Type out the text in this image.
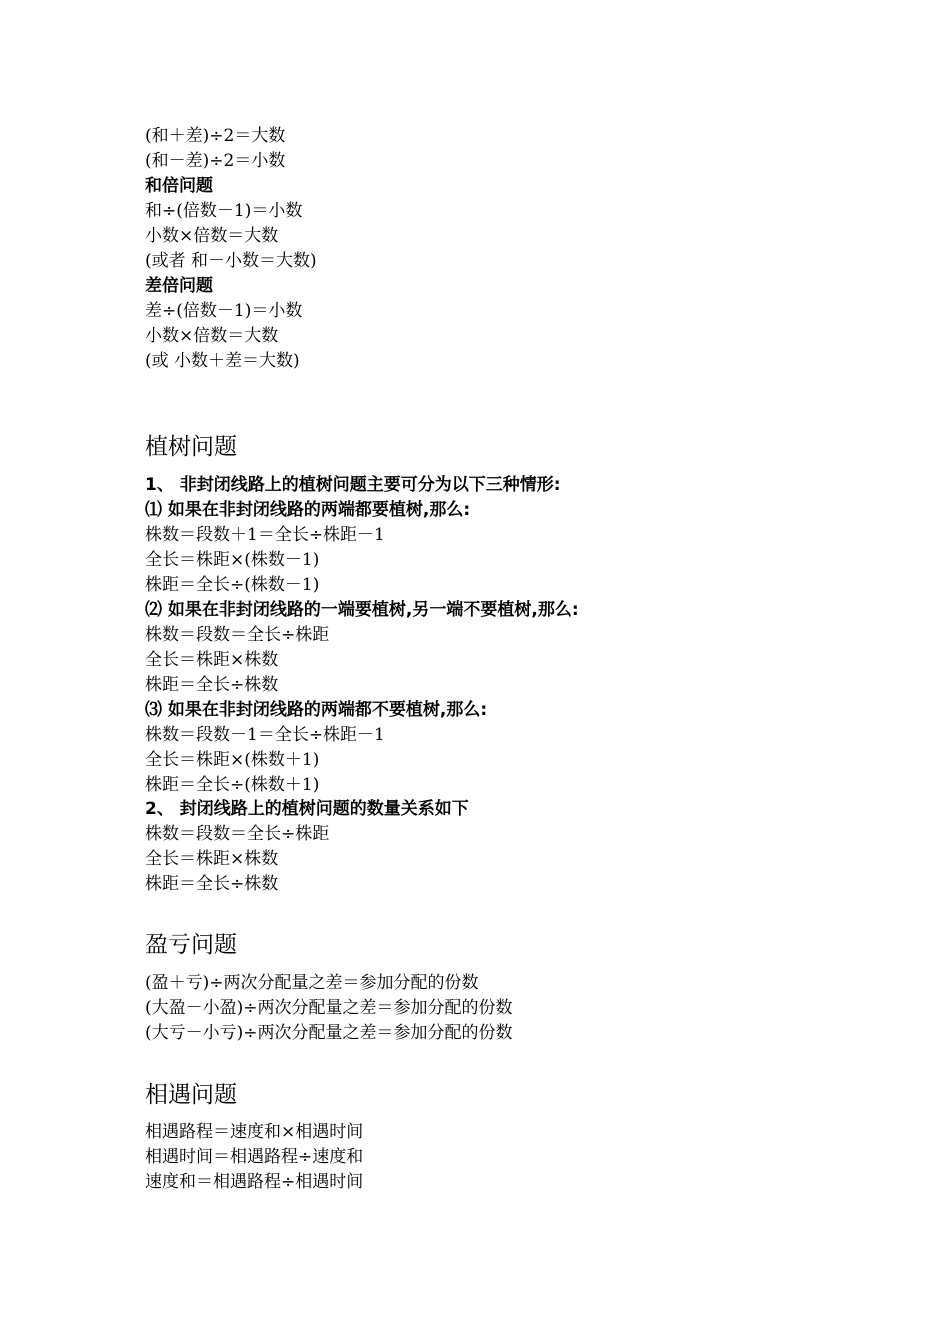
(和＋差)÷2＝大数
(和－差)÷2＝小数
和倍问题
和÷(倍数－1)＝小数
小数×倍数＝大数
(或者 和－小数＝大数)
差倍问题
差÷(倍数－1)＝小数
小数×倍数＝大数
(或 小数＋差＝大数)
植树问题
1、 非封闭线路上的植树问题主要可分为以下三种情形:
⑴ 如果在非封闭线路的两端都要植树,那么:
株数＝段数＋1＝全长÷株距－1
全长＝株距×(株数－1)
株距＝全长÷(株数－1)
⑵ 如果在非封闭线路的一端要植树,另一端不要植树,那么:
株数＝段数＝全长÷株距
全长＝株距×株数
株距＝全长÷株数
⑶ 如果在非封闭线路的两端都不要植树,那么:
株数＝段数－1＝全长÷株距－1
全长＝株距×(株数＋1)
株距＝全长÷(株数＋1)
2、 封闭线路上的植树问题的数量关系如下
株数＝段数＝全长÷株距
全长＝株距×株数
株距＝全长÷株数
盈亏问题
(盈＋亏)÷两次分配量之差＝参加分配的份数
(大盈－小盈)÷两次分配量之差＝参加分配的份数
(大亏－小亏)÷两次分配量之差＝参加分配的份数
相遇问题
相遇路程＝速度和×相遇时间
相遇时间＝相遇路程÷速度和
速度和＝相遇路程÷相遇时间
